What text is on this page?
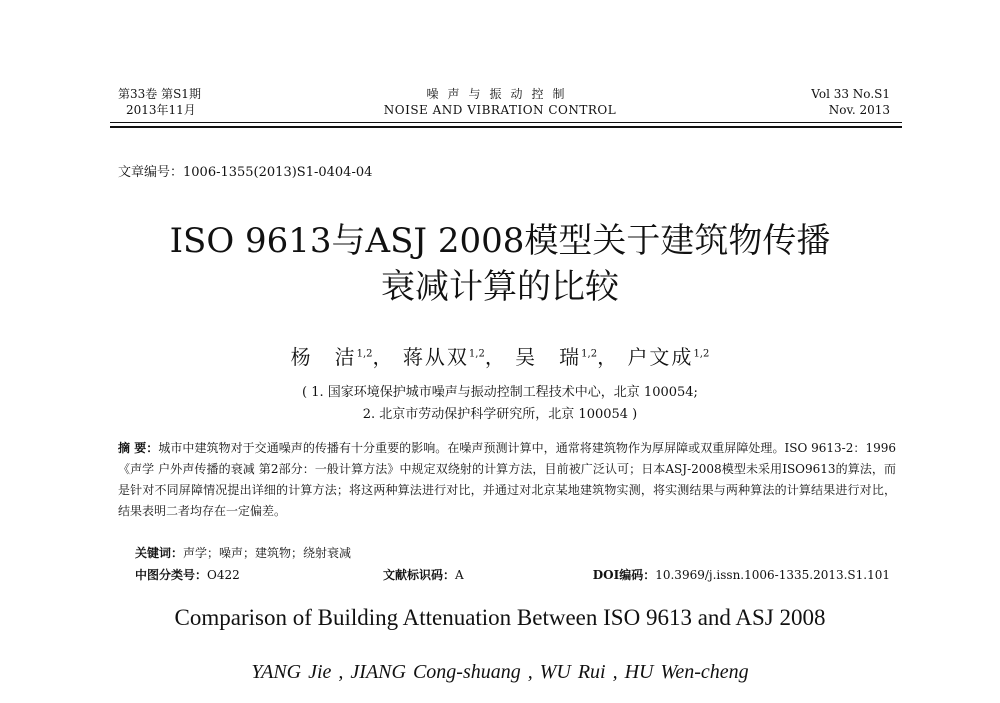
第33卷 第S1期
2013年11月
噪声与振动控制
NOISE AND VIBRATION CONTROL
Vol 33 No.S1
Nov. 2013
文章编号：1006-1355(2013)S1-0404-04
ISO 9613与ASJ 2008模型关于建筑物传播
衰减计算的比较
杨　洁$^{1,2}$， 蒋从双$^{1,2}$， 吴　瑞$^{1,2}$， 户文成$^{1,2}$
( 1. 国家环境保护城市噪声与振动控制工程技术中心，北京 100054;
2. 北京市劳动保护科学研究所，北京 100054 )
摘 要：城市中建筑物对于交通噪声的传播有十分重要的影响。在噪声预测计算中，通常将建筑物作为厚屏障或双重屏障处理。ISO 9613-2：1996《声学 户外声传播的衰减 第2部分：一般计算方法》中规定双绕射的计算方法，目前被广泛认可；日本ASJ-2008模型未采用ISO9613的算法，而是针对不同屏障情况提出详细的计算方法；将这两种算法进行对比，并通过对北京某地建筑物实测，将实测结果与两种算法的计算结果进行对比，结果表明二者均存在一定偏差。
关键词：声学；噪声；建筑物；绕射衰减
中图分类号：O422	文献标识码：A	DOI编码：10.3969/j.issn.1006-1335.2013.S1.101
Comparison of Building Attenuation Between ISO 9613 and ASJ 2008
YANG Jie , JIANG Cong-shuang , WU Rui , HU Wen-cheng
